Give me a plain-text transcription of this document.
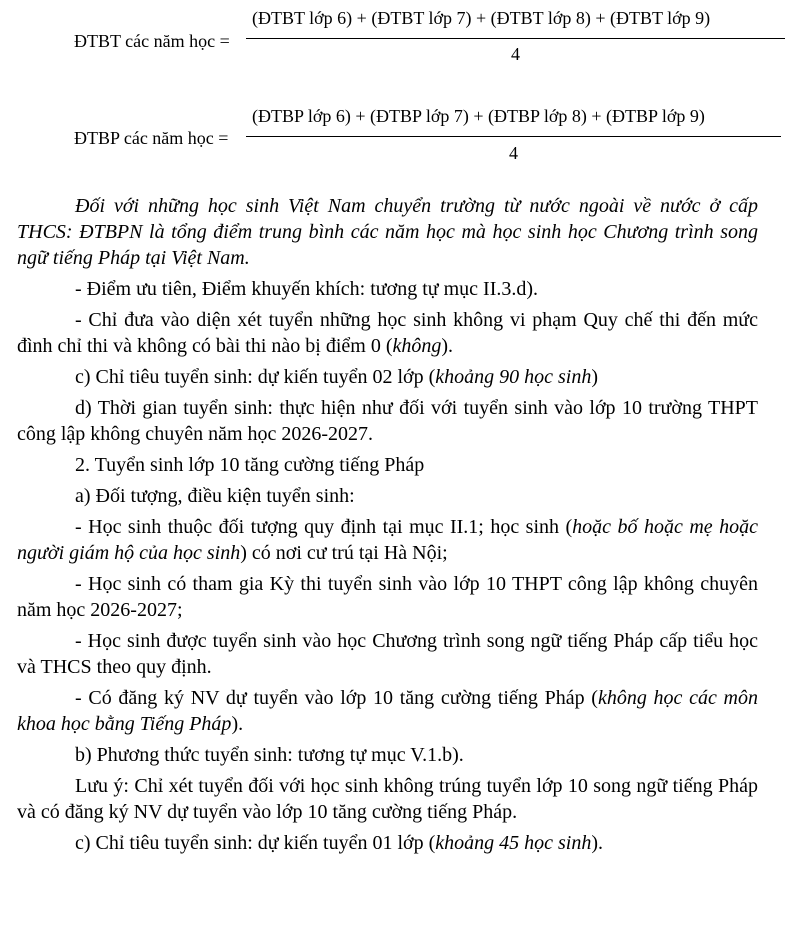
ĐTBT các năm học =
(ĐTBT lớp 6) + (ĐTBT lớp 7) + (ĐTBT lớp 8) + (ĐTBT lớp 9)
4
ĐTBP các năm học =
(ĐTBP lớp 6) + (ĐTBP lớp 7) + (ĐTBP lớp 8) + (ĐTBP lớp 9)
4

Đối với những học sinh Việt Nam chuyển trường từ nước ngoài về nước ở cấp THCS: ĐTBPN là tổng điểm trung bình các năm học mà học sinh học Chương trình song ngữ tiếng Pháp tại Việt Nam.

- Điểm ưu tiên, Điểm khuyến khích: tương tự mục II.3.d).

- Chỉ đưa vào diện xét tuyển những học sinh không vi phạm Quy chế thi đến mức đình chỉ thi và không có bài thi nào bị điểm 0 (không).

c) Chỉ tiêu tuyển sinh: dự kiến tuyển 02 lớp (khoảng 90 học sinh)

d) Thời gian tuyển sinh: thực hiện như đối với tuyển sinh vào lớp 10 trường THPT công lập không chuyên năm học 2026-2027.

2. Tuyển sinh lớp 10 tăng cường tiếng Pháp

a) Đối tượng, điều kiện tuyển sinh:

- Học sinh thuộc đối tượng quy định tại mục II.1; học sinh (hoặc bố hoặc mẹ hoặc người giám hộ của học sinh) có nơi cư trú tại Hà Nội;

- Học sinh có tham gia Kỳ thi tuyển sinh vào lớp 10 THPT công lập không chuyên năm học 2026-2027;

- Học sinh được tuyển sinh vào học Chương trình song ngữ tiếng Pháp cấp tiểu học và THCS theo quy định.

- Có đăng ký NV dự tuyển vào lớp 10 tăng cường tiếng Pháp (không học các môn khoa học bằng Tiếng Pháp).

b) Phương thức tuyển sinh: tương tự mục V.1.b).

Lưu ý: Chỉ xét tuyển đối với học sinh không trúng tuyển lớp 10 song ngữ tiếng Pháp và có đăng ký NV dự tuyển vào lớp 10 tăng cường tiếng Pháp.

c) Chỉ tiêu tuyển sinh: dự kiến tuyển 01 lớp (khoảng 45 học sinh).
